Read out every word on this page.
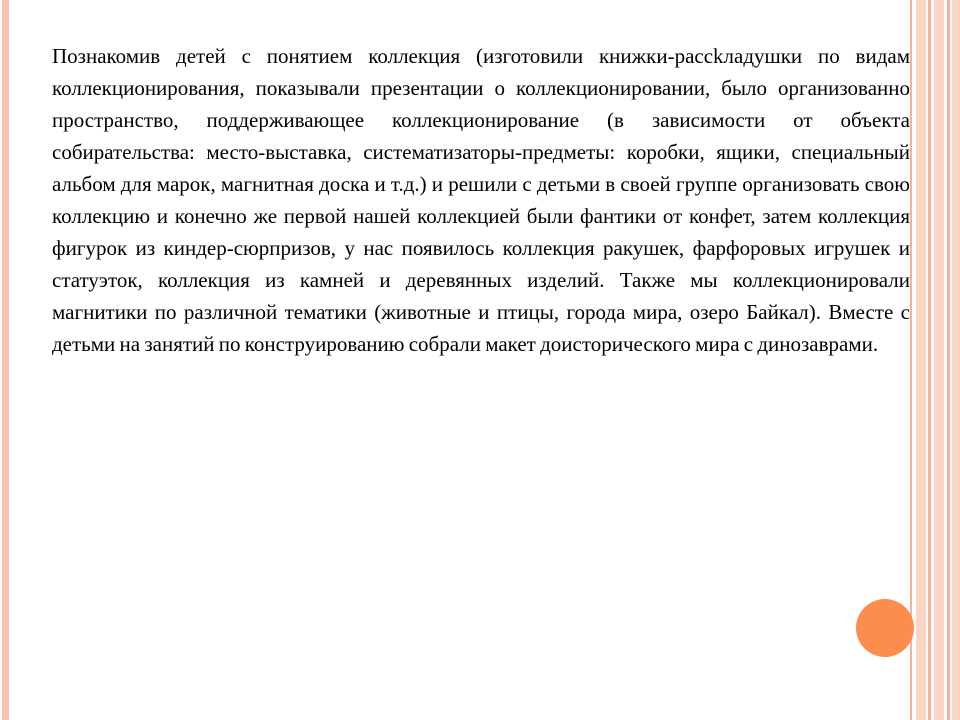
Познакомив детей с понятием коллекция (изготовили книжки-рассkладушки по видам коллекционирования, показывали презентации о коллекционировании, было организованно пространство, поддерживающее коллекционирование (в зависимости от объекта собирательства: место-выставка, систематизаторы-предметы: коробки, ящики, специальный альбом для марок, магнитная доска и т.д.) и решили с детьми в своей группе организовать свою коллекцию и конечно же первой нашей коллекцией были фантики от конфет, затем коллекция фигурок из киндер-сюрпризов, у нас появилось коллекция ракушек, фарфоровых игрушек и статуэток, коллекция из камней и деревянных изделий. Также мы коллекционировали магнитики по различной тематики (животные и птицы, города мира, озеро Байкал). Вместе с детьми на занятий по конструированию собрали макет доисторического мира с динозаврами.
